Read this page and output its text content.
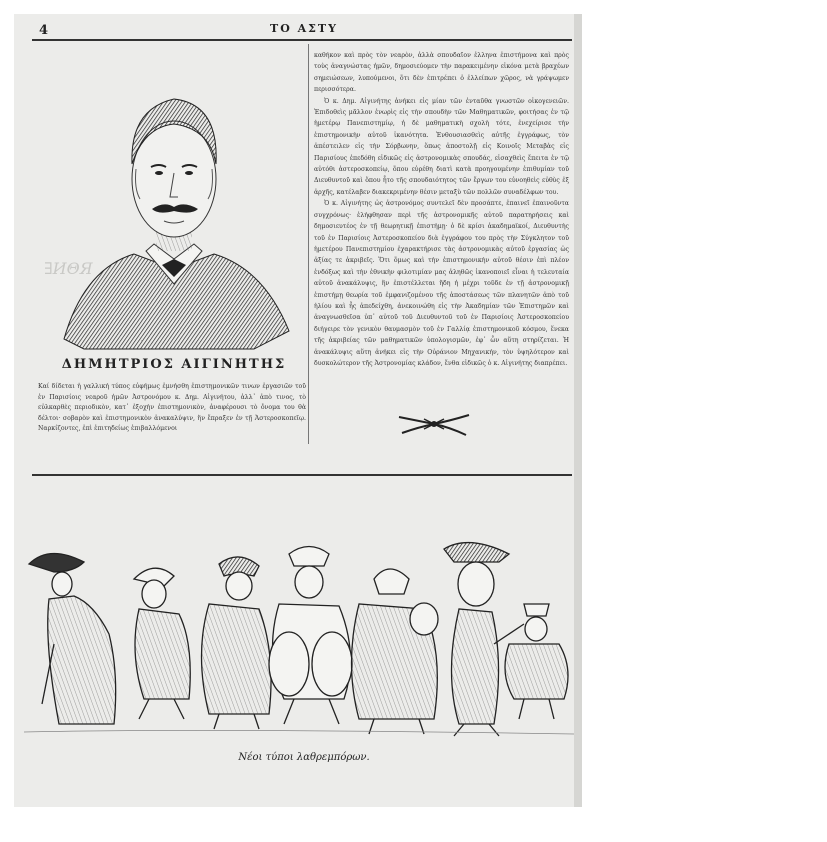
4	ΤΟ ΑΣΤΥ
∃ИΘЯ
ΔΗΜΗΤΡΙΟΣ ΑΙΓΙΝΗΤΗΣ
Καί δίδεται ἡ γαλλική τύπος εὐφήμως ἐμνήσθη ἐπιστημονικῶν τινων ἐργασιῶν τοῦ ἐν Παρισίοις νεαροῦ ἡμῶν Ἀστρονόμου κ. Δημ. Αἰγινήτου, ἀλλ᾽ ἀπὸ τινος, τὸ εὐλκαρθὲς περιοδικὸν, κατ᾽ ἐξοχὴν ἐπιστημονικὸν, ἀναφέρουσι τὸ ὄνομα του θὰ δέλτοι· σοβαρὸν καὶ ἐπιστημονικὸν ἀνακαλύψιν, ἣν ἔπραξεν ἐν τῇ Ἀστεροσκοπεῖῳ. Ναρκίζοντες, ἐπὶ ἐπιτηδείως ἐπιβαλλόμενοι

καθήκον καὶ πρὸς τὸν νεαρὸν, ἀλλὰ σπουδαῖον ἐλληνα ἐπιστήμονα καὶ πρὸς τοὺς ἀναγνώστας ἡμῶν, δημοσιεύομεν τὴν παρακειμένην εἰκόνα μετὰ βραχέων σημειώσεων, λυπούμενοι, ὅτι δὲν ἐπιτρέπει ὁ ἐλλείπων χῶρος, νὰ γράψωμεν περισσότερα.

Ὁ κ. Δημ. Αἰγινήτης ἀνήκει εἰς μίαν τῶν ἐνταῦθα γνωστῶν οἰκογενειῶν. Ἐπιδοθεὶς μᾶλλον ἐνωρὶς εἰς τὴν σπουδὴν τῶν Μαθηματικῶν, φοιτήσας ἐν τῷ ἡμετέρῳ Πανεπιστημίῳ, ἡ δὲ μαθηματικὴ σχολὴ τότε, ἐνεχείρισε τὴν ἐπιστημονικὴν αὐτοῦ ἱκανότητα. Ἐνθουσιασθεὶς αὐτῆς ἐγγράφως, τὸν ἀπέστειλεν εἰς τὴν Σόρβωνην, ὅπως ἀποστολῇ εἰς Κοινοῖς Μεταβὰς εἰς Παρισίους ἐπεδόθη εἰδικῶς εἰς ἀστρονομικὰς σπουδάς, εἰσαχθεὶς ἔπειτα ἐν τῷ αὐτόθι ἀστεροσκοπείῳ, ὅπου εὑρέθη διατὶ κατὰ προηγουμένην ἐπιθυμίαν τοῦ Διευθυντοῦ καὶ ὅπου ἦτο τῆς σπουδαιότητος τῶν ἔργων του εὐνοηθεὶς εὐθὺς ἐξ ἀρχῆς, κατέλαβεν διακεκριμένην θέσιν μεταξὺ τῶν πολλῶν συναδέλφων του.

Ὁ κ. Αἰγινήτης ὡς ἀστρονόμος συντελεῖ δὲν προσάπτε, ἐπαινεῖ ἐπαινοῦντα συγχρόνως· ἐλήφθησαν περὶ τῆς ἀστρονομικῆς αὐτοῦ παρατηρήσεις καὶ δημοσιευτέος ἐν τῇ θεωρητικῇ ἐπιστήμῃ· ὁ δὲ κρίσι ἀκαδημαϊκοί, Διευθυντὴς τοῦ ἐν Παρισίοις Ἀστεροσκοπείου διὰ ἐγγράφου του πρὸς τὴν Σύγκλητον τοῦ ἡμετέρου Πανεπιστημίου ἐχαρακτήρισε τὰς ἀστρονομικὰς αὐτοῦ ἐργασίας ὡς ἀξίας τε ἀκριβεῖς. Ὅτι ὅμως καὶ τὴν ἐπιστημονικὴν αὐτοῦ θέσιν ἐπὶ πλέον ἐνδόξως καὶ τὴν ἐθνικὴν φιλοτιμίαν μας ἀληθῶς ἱκανοποιεῖ εἶναι ἡ τελευταία αὐτοῦ ἀνακάλυψις, ἣν ἐπιστέλλεται ἤδη ἡ μέχρι τοῦδε ἐν τῇ ἀστρονομικῇ ἐπιστήμῃ θεωρία τοῦ ἐμφανιζομένου τῆς ἀποστάσεως τῶν πλανητῶν ἀπὸ τοῦ ἡλίου καὶ ἧς ἀπεδείχθη, ἀνεκοινώθη εἰς τὴν Ἀκαδημίαν τῶν Ἐπιστημῶν καὶ ἀναγνωσθεῖσα ὑπ᾽ αὐτοῦ τοῦ Διευθυντοῦ τοῦ ἐν Παρισίοις Ἀστεροσκοπείου διήγειρε τὸν γενικὸν θαυμασμὸν τοῦ ἐν Γαλλίᾳ ἐπιστημονικοῦ κόσμου, ἕνεκα τῆς ἀκριβείας τῶν μαθηματικῶν ὑπολογισμῶν, ἐφ᾽ ὧν αὕτη στηρίζεται. Ἡ ἀνακάλυψις αὕτη ἀνήκει εἰς τὴν Οὐράνιον Μηχανικήν, τὸν ὑψηλότερον καὶ δυσκολώτερον τῆς Ἀστρονομίας κλάδον, ἔνθα εἰδικῶς ὁ κ. Αἰγινήτης διαπρέπει.

Νέοι τύποι λαθρεμπόρων.
